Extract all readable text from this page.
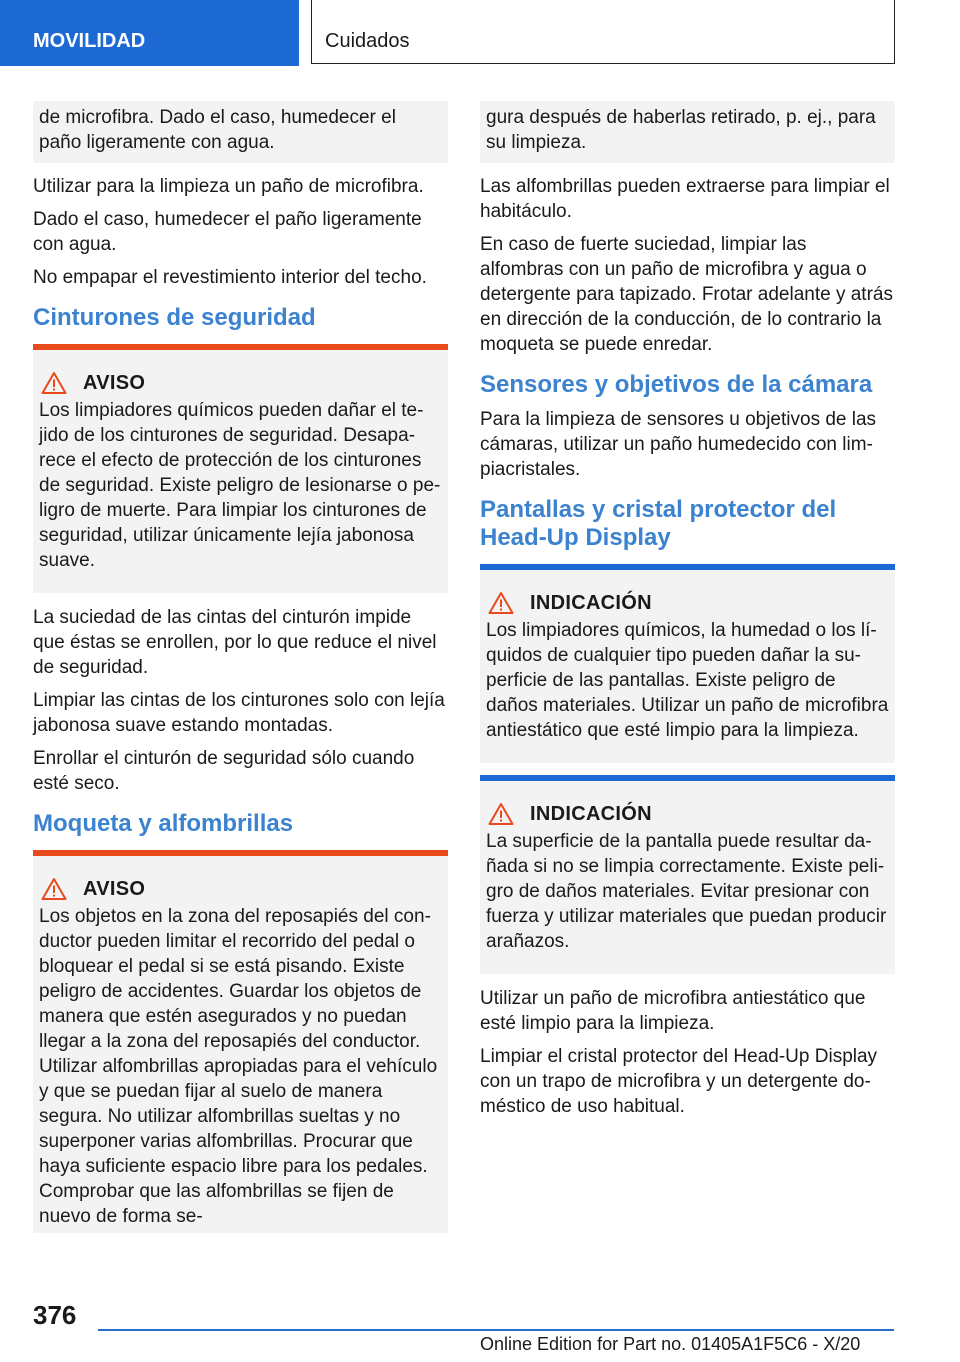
MOVILIDAD	Cuidados
de microfibra. Dado el caso, humedecer el paño ligeramente con agua.

Utilizar para la limpieza un paño de microfibra.

Dado el caso, humedecer el paño ligeramente con agua.

No empapar el revestimiento interior del techo.

Cinturones de seguridad
AVISO
Los limpiadores químicos pueden dañar el tejido de los cinturones de seguridad. Desaparece el efecto de protección de los cinturones de seguridad. Existe peligro de lesionarse o peligro de muerte. Para limpiar los cinturones de seguridad, utilizar únicamente lejía jabonosa suave.

La suciedad de las cintas del cinturón impide que éstas se enrollen, por lo que reduce el nivel de seguridad.

Limpiar las cintas de los cinturones solo con lejía jabonosa suave estando montadas.

Enrollar el cinturón de seguridad sólo cuando esté seco.

Moqueta y alfombrillas
AVISO
Los objetos en la zona del reposapiés del conductor pueden limitar el recorrido del pedal o bloquear el pedal si se está pisando. Existe peligro de accidentes. Guardar los objetos de manera que estén asegurados y no puedan llegar a la zona del reposapiés del conductor. Utilizar alfombrillas apropiadas para el vehículo y que se puedan fijar al suelo de manera segura. No utilizar alfombrillas sueltas y no superponer varias alfombrillas. Procurar que haya suficiente espacio libre para los pedales. Comprobar que las alfombrillas se fijen de nuevo de forma se-
gura después de haberlas retirado, p. ej., para su limpieza.

Las alfombrillas pueden extraerse para limpiar el habitáculo.

En caso de fuerte suciedad, limpiar las alfombras con un paño de microfibra y agua o detergente para tapizado. Frotar adelante y atrás en dirección de la conducción, de lo contrario la moqueta se puede enredar.

Sensores y objetivos de la cámara

Para la limpieza de sensores u objetivos de las cámaras, utilizar un paño humedecido con limpiacristales.

Pantallas y cristal protector del Head-Up Display
INDICACIÓN
Los limpiadores químicos, la humedad o los líquidos de cualquier tipo pueden dañar la superficie de las pantallas. Existe peligro de daños materiales. Utilizar un paño de microfibra antiestático que esté limpio para la limpieza.
INDICACIÓN
La superficie de la pantalla puede resultar dañada si no se limpia correctamente. Existe peligro de daños materiales. Evitar presionar con fuerza y utilizar materiales que puedan producir arañazos.

Utilizar un paño de microfibra antiestático que esté limpio para la limpieza.

Limpiar el cristal protector del Head-Up Display con un trapo de microfibra y un detergente doméstico de uso habitual.

376
Online Edition for Part no. 01405A1F5C6 - X/20
